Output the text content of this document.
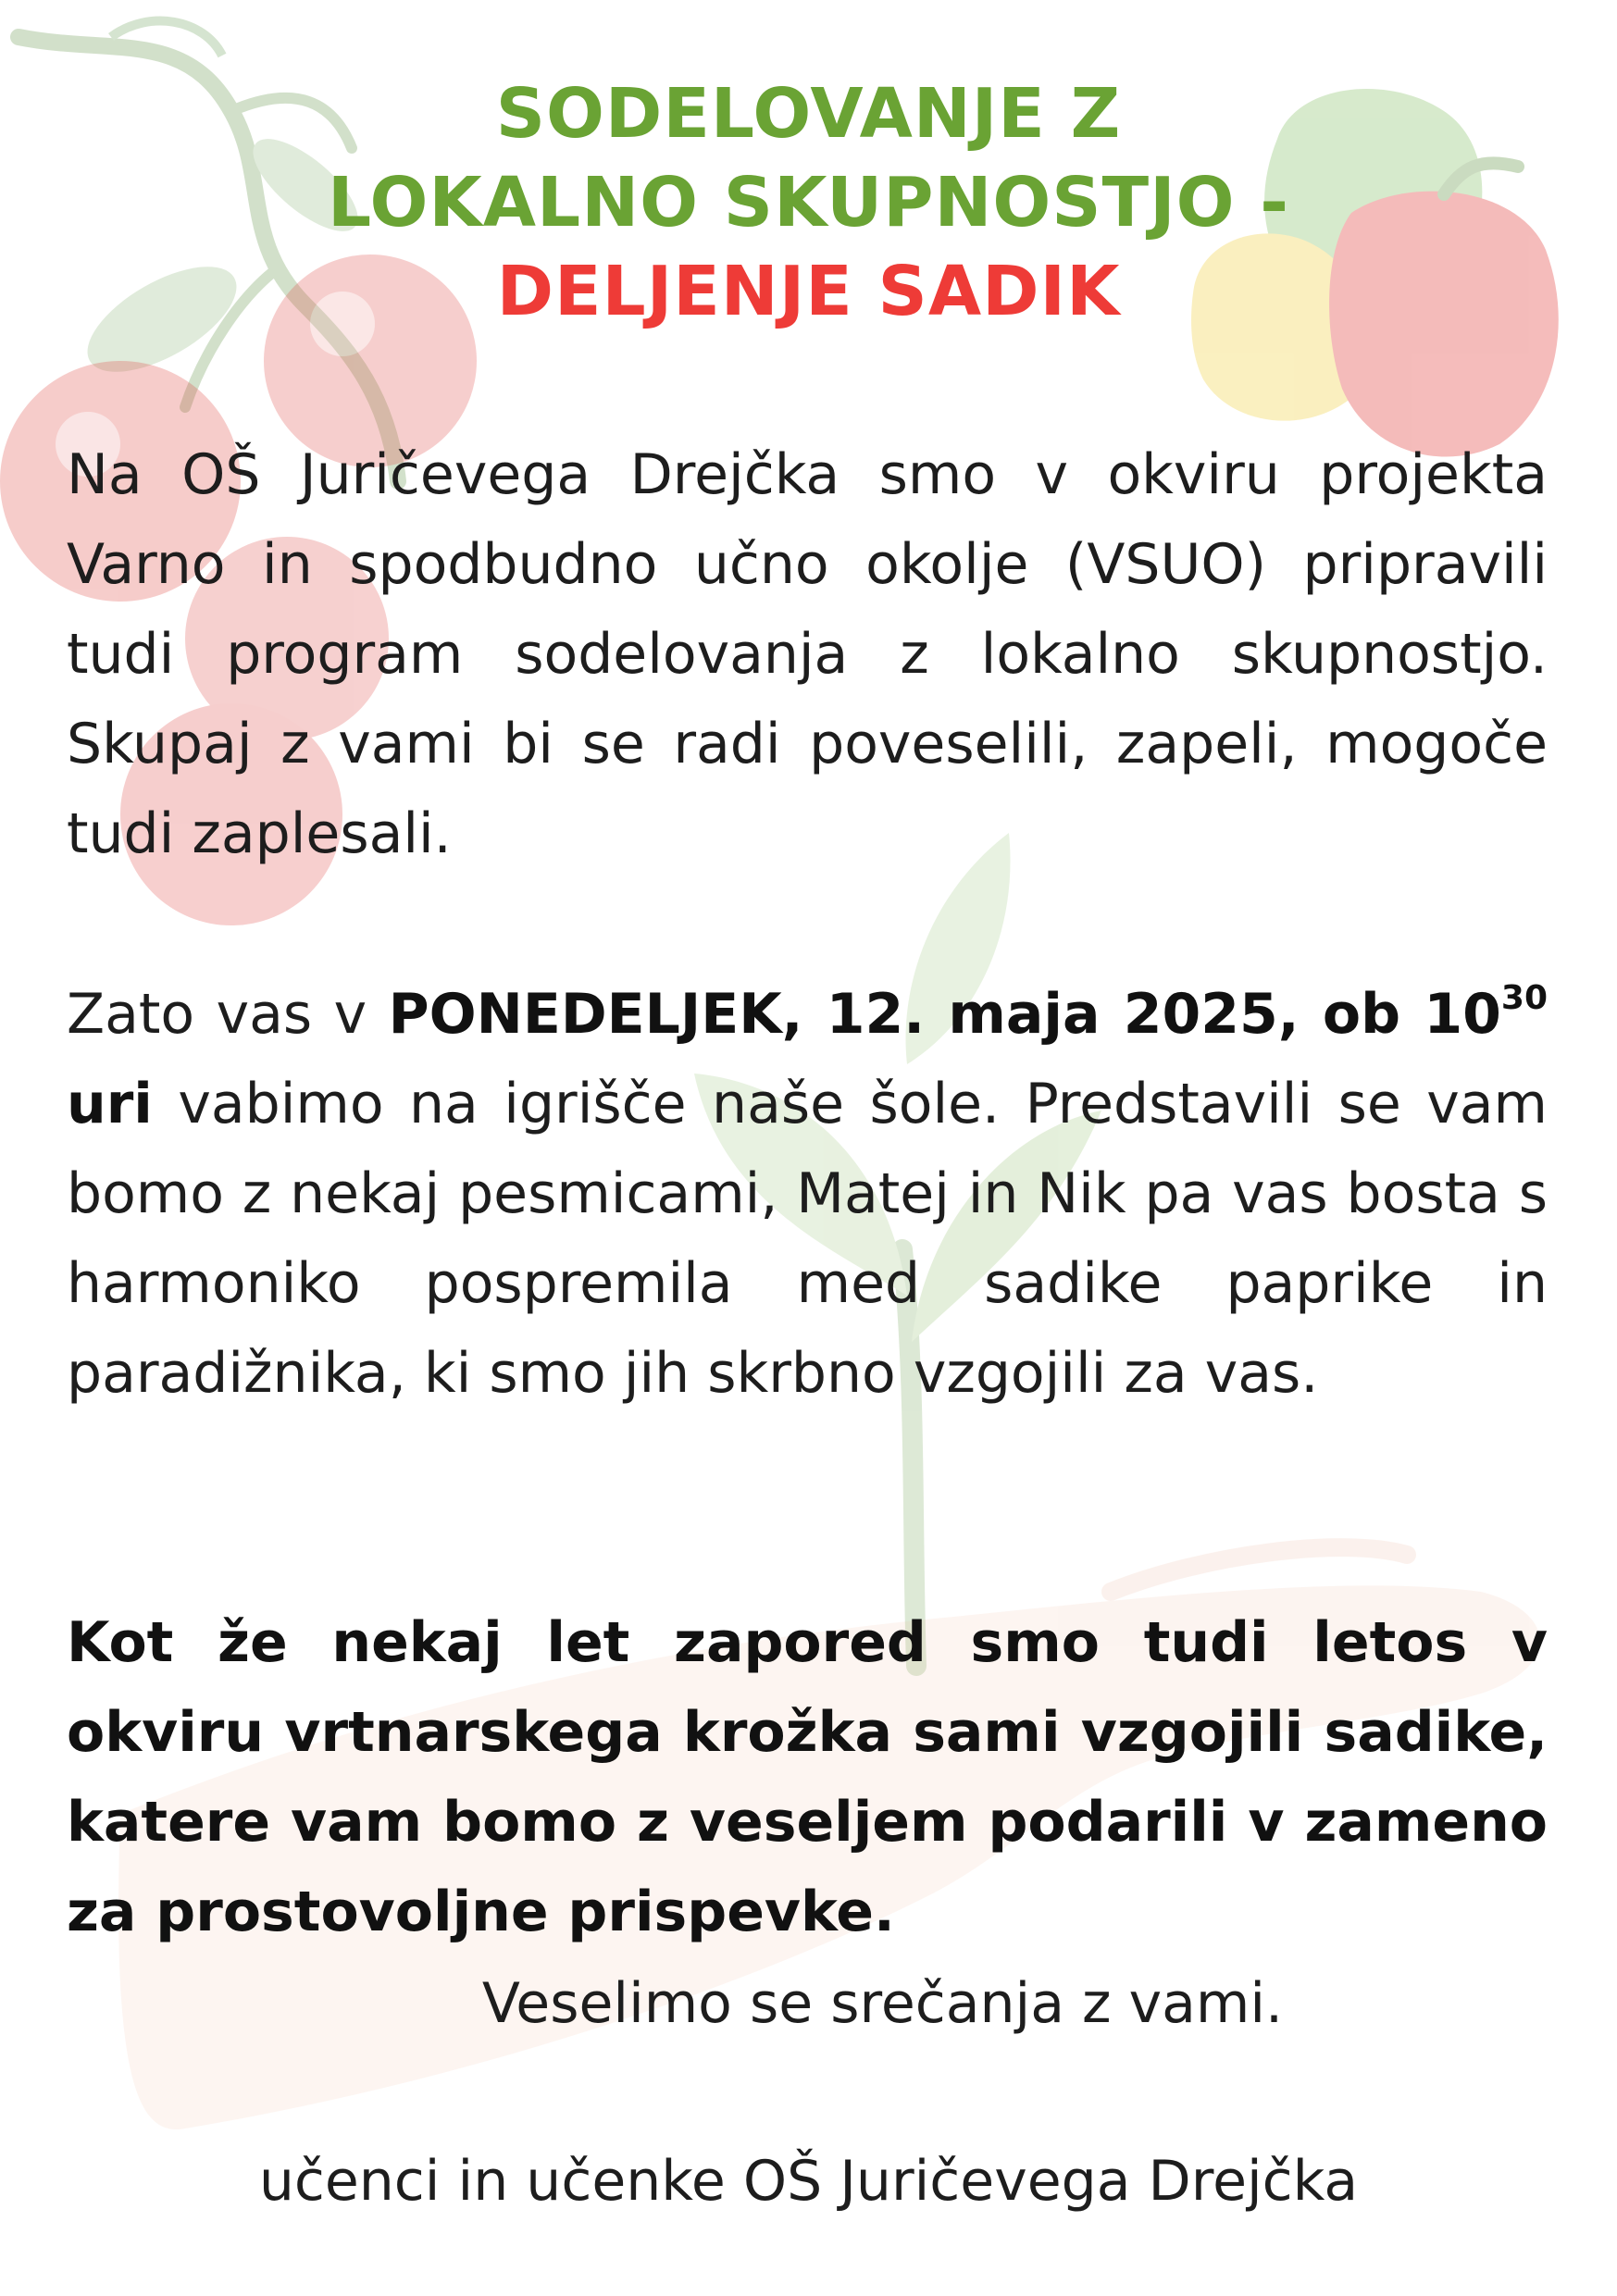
SODELOVANJE Z
LOKALNO SKUPNOSTJO -
DELJENJE SADIK
Na OŠ Juričevega Drejčka smo v okviru projekta Varno in spodbudno učno okolje (VSUO) pripravili tudi program sodelovanja z lokalno skupnostjo. Skupaj z vami bi se radi poveselili, zapeli, mogoče tudi zaplesali.
Zato vas v PONEDELJEK, 12. maja 2025, ob $10^{30}$ uri vabimo na igrišče naše šole. Predstavili se vam bomo z nekaj pesmicami, Matej in Nik pa vas bosta s harmoniko pospremila med sadike paprike in paradižnika, ki smo jih skrbno vzgojili za vas.
Kot že nekaj let zapored smo tudi letos v okviru vrtnarskega krožka sami vzgojili sadike, katere vam bomo z veseljem podarili v zameno za prostovoljne prispevke.
Veselimo se srečanja z vami.
učenci in učenke OŠ Juričevega Drejčka
